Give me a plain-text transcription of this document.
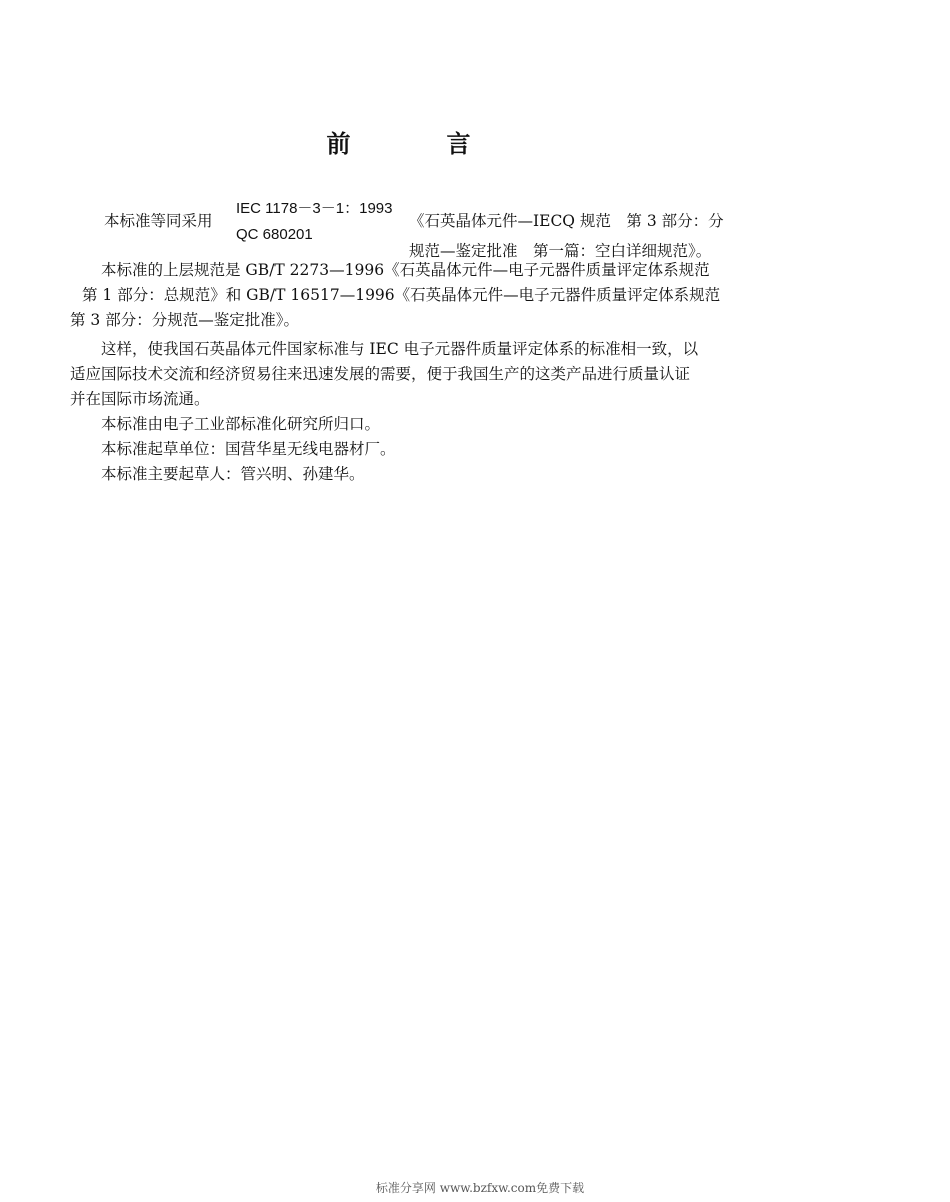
前	言
本标准等同采用
IEC 1178－3－1：1993
QC 680201
《石英晶体元件—IECQ 规范　第 3 部分：分
规范—鉴定批准　第一篇：空白详细规范》。

本标准的上层规范是 GB/T 2273—1996《石英晶体元件—电子元器件质量评定体系规范
第 1 部分：总规范》和 GB/T 16517—1996《石英晶体元件—电子元器件质量评定体系规范
第 3 部分：分规范—鉴定批准》。

这样，使我国石英晶体元件国家标准与 IEC 电子元器件质量评定体系的标准相一致，以
适应国际技术交流和经济贸易往来迅速发展的需要，便于我国生产的这类产品进行质量认证
并在国际市场流通。

本标准由电子工业部标准化研究所归口。

本标准起草单位：国营华星无线电器材厂。

本标准主要起草人：管兴明、孙建华。

标准分享网 www.bzfxw.com免费下载
